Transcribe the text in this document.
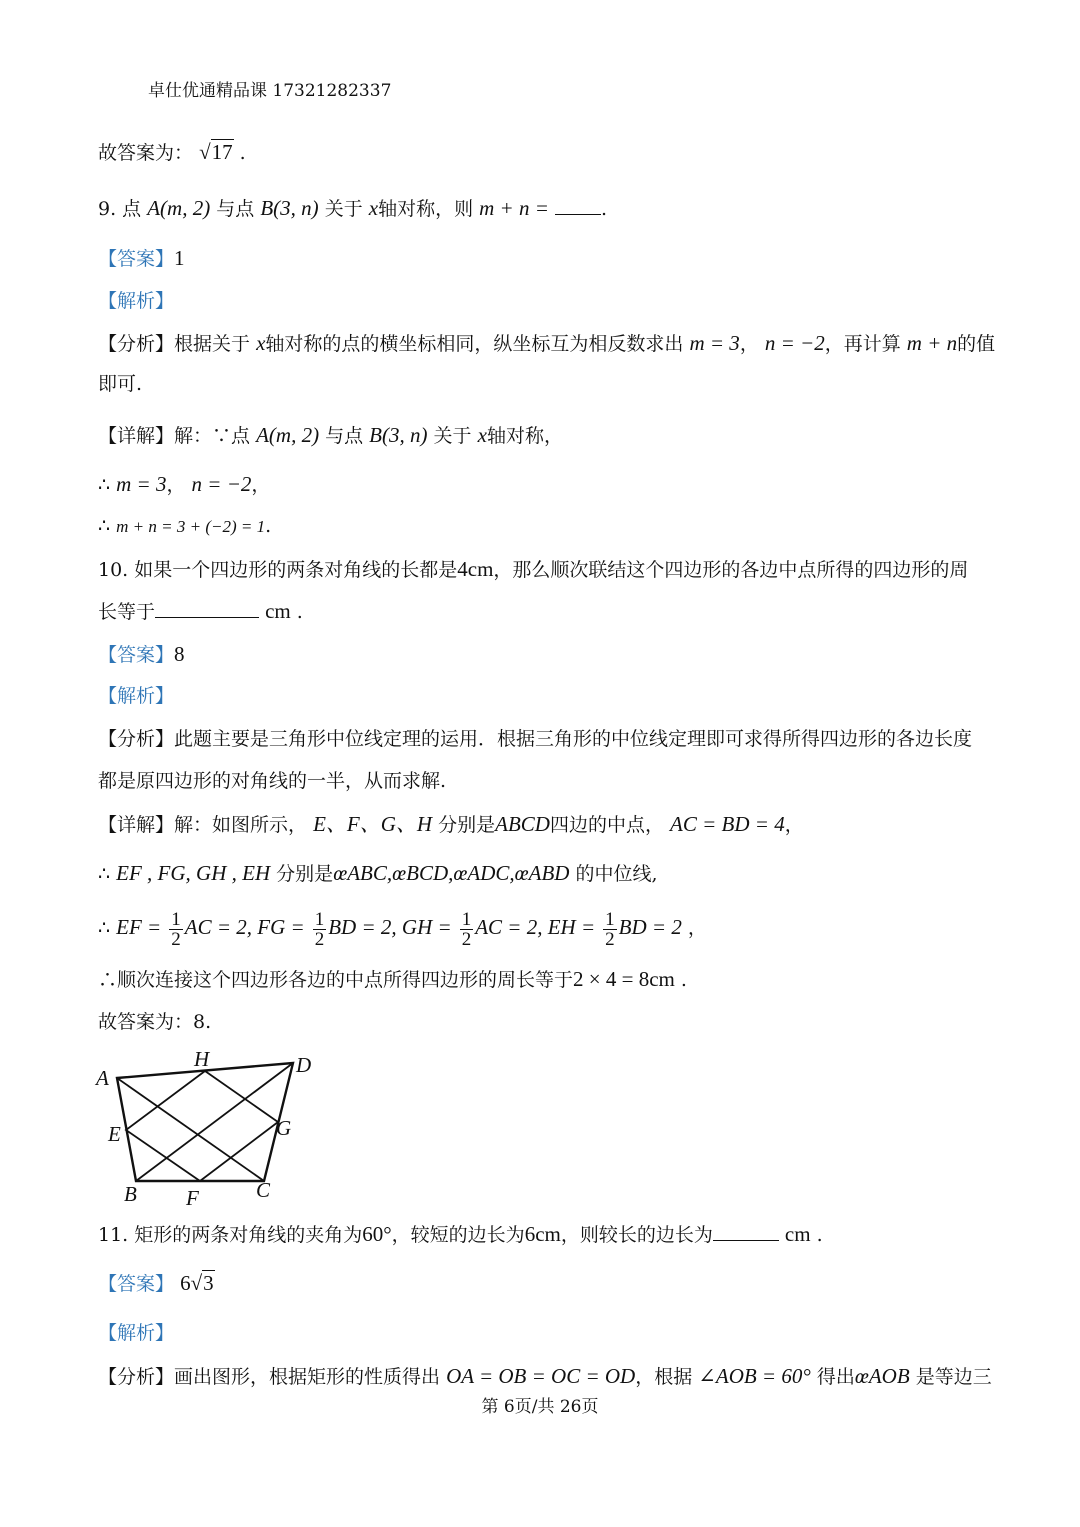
卓仕优通精品课 17321282337
故答案为： √17 .
9. 点 A(m, 2) 与点 B(3, n) 关于 x轴对称，则 m + n =	.
【答案】1
【解析】
【分析】根据关于 x轴对称的点的横坐标相同，纵坐标互为相反数求出 m = 3， n = −2，再计算 m + n的值
即可.
【详解】解：∵点 A(m, 2) 与点 B(3, n) 关于 x轴对称，
∴ m = 3， n = −2，
∴ m + n = 3 + (−2) = 1.
10. 如果一个四边形的两条对角线的长都是4cm，那么顺次联结这个四边形的各边中点所得的四边形的周
长等于	cm .
【答案】8
【解析】
【分析】此题主要是三角形中位线定理的运用．根据三角形的中位线定理即可求得所得四边形的各边长度
都是原四边形的对角线的一半，从而求解.
【详解】解：如图所示， E、F、G、H 分别是ABCD四边的中点， AC = BD = 4，
∴ EF , FG, GH , EH 分别是œABC,œBCD,œADC,œABD 的中位线,
∴ EF = $\frac{1}{2}$ AC = 2, FG = $\frac{1}{2}$ BD = 2, GH = $\frac{1}{2}$ AC = 2, EH = $\frac{1}{2}$ BD = 2 ，
∴顺次连接这个四边形各边的中点所得四边形的周长等于2 × 4 = 8cm .
故答案为：8.
A
H	D
E	G
B F	C
11. 矩形的两条对角线的夹角为60°，较短的边长为6cm，则较长的边长为	cm .
【答案】 6√3
【解析】
【分析】画出图形，根据矩形的性质得出 OA = OB = OC = OD，根据 ∠AOB = 60° 得出œAOB 是等边三
第 6页/共 26页
